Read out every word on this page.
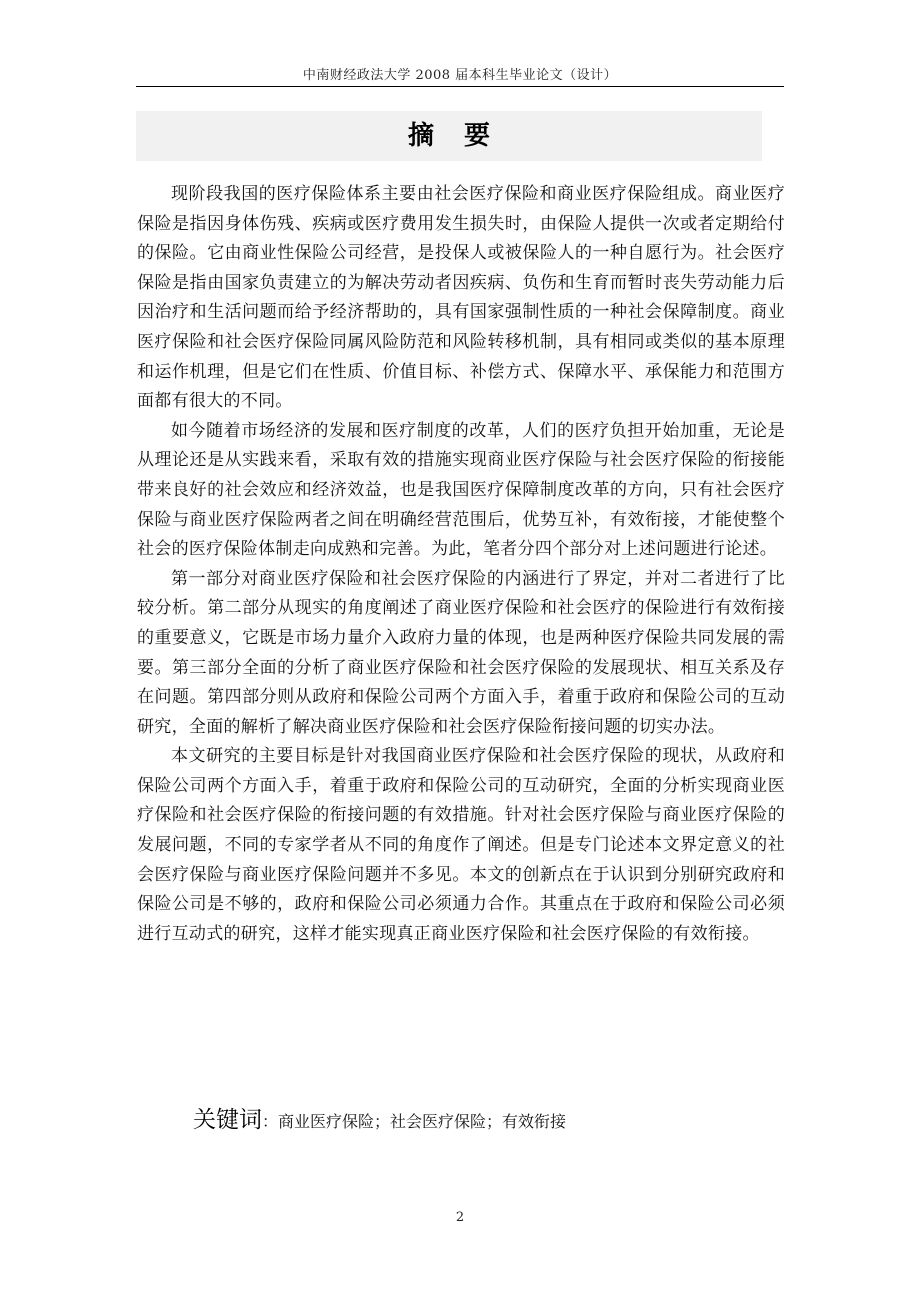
中南财经政法大学 2008 届本科生毕业论文（设计）
摘要

现阶段我国的医疗保险体系主要由社会医疗保险和商业医疗保险组成。商业医疗保险是指因身体伤残、疾病或医疗费用发生损失时，由保险人提供一次或者定期给付的保险。它由商业性保险公司经营，是投保人或被保险人的一种自愿行为。社会医疗保险是指由国家负责建立的为解决劳动者因疾病、负伤和生育而暂时丧失劳动能力后因治疗和生活问题而给予经济帮助的，具有国家强制性质的一种社会保障制度。商业医疗保险和社会医疗保险同属风险防范和风险转移机制，具有相同或类似的基本原理和运作机理，但是它们在性质、价值目标、补偿方式、保障水平、承保能力和范围方面都有很大的不同。

如今随着市场经济的发展和医疗制度的改革，人们的医疗负担开始加重，无论是从理论还是从实践来看，采取有效的措施实现商业医疗保险与社会医疗保险的衔接能带来良好的社会效应和经济效益，也是我国医疗保障制度改革的方向，只有社会医疗保险与商业医疗保险两者之间在明确经营范围后，优势互补，有效衔接，才能使整个社会的医疗保险体制走向成熟和完善。为此，笔者分四个部分对上述问题进行论述。

第一部分对商业医疗保险和社会医疗保险的内涵进行了界定，并对二者进行了比较分析。第二部分从现实的角度阐述了商业医疗保险和社会医疗的保险进行有效衔接的重要意义，它既是市场力量介入政府力量的体现，也是两种医疗保险共同发展的需要。第三部分全面的分析了商业医疗保险和社会医疗保险的发展现状、相互关系及存在问题。第四部分则从政府和保险公司两个方面入手，着重于政府和保险公司的互动研究，全面的解析了解决商业医疗保险和社会医疗保险衔接问题的切实办法。

本文研究的主要目标是针对我国商业医疗保险和社会医疗保险的现状，从政府和保险公司两个方面入手，着重于政府和保险公司的互动研究，全面的分析实现商业医疗保险和社会医疗保险的衔接问题的有效措施。针对社会医疗保险与商业医疗保险的发展问题，不同的专家学者从不同的角度作了阐述。但是专门论述本文界定意义的社会医疗保险与商业医疗保险问题并不多见。本文的创新点在于认识到分别研究政府和保险公司是不够的，政府和保险公司必须通力合作。其重点在于政府和保险公司必须进行互动式的研究，这样才能实现真正商业医疗保险和社会医疗保险的有效衔接。

关键词：商业医疗保险；社会医疗保险；有效衔接
2
